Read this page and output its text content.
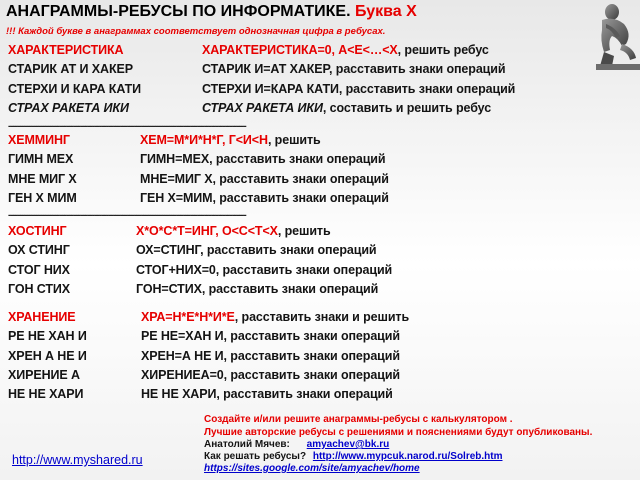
АНАГРАММЫ-РЕБУСЫ ПО ИНФОРМАТИКЕ. Буква Х
!!! Каждой букве в анаграммах соответствует однозначная цифра в ребусах.
ХАРАКТЕРИСТИКА	ХАРАКТЕРИСТИКА=0, А<Е<…<Х, решить ребус
СТАРИК АТ И ХАКЕР	СТАРИК И=АТ ХАКЕР, расставить знаки операций
СТЕРХИ И КАРА КАТИ	СТЕРХИ И=КАРА КАТИ, расставить знаки операций
СТРАХ РАКЕТА ИКИ	СТРАХ РАКЕТА ИКИ, составить и решить ребус
ХЕММИНГ	ХЕМ=М*И*Н*Г, Г<И<Н, решить
ГИМН МЕХ	ГИМН=МЕХ, расставить знаки операций
МНЕ МИГ Х	МНЕ=МИГ Х, расставить знаки операций
ГЕН Х МИМ	ГЕН Х=МИМ, расставить знаки операций
ХОСТИНГ	Х*О*С*Т=ИНГ, О<С<Т<Х, решить
ОХ СТИНГ	ОХ=СТИНГ, расставить знаки операций
СТОГ НИХ	СТОГ+НИХ=0, расставить знаки операций
ГОН СТИХ	ГОН=СТИХ, расставить знаки операций
ХРАНЕНИЕ	ХРА=Н*Е*Н*И*Е, расставить знаки и решить
РЕ НЕ ХАН И	РЕ НЕ=ХАН И, расставить знаки операций
ХРЕН А НЕ И	ХРЕН=А НЕ И, расставить знаки операций
ХИРЕНИЕ А	ХИРЕНИЕА=0, расставить знаки операций
НЕ НЕ ХАРИ	НЕ НЕ ХАРИ, расставить знаки операций
------------------------------------------------------------------------------------------------------
------------------------------------------------------------------------------------------------------
Создайте и/или решите анаграммы-ребусы с калькулятором .
Лучшие авторские ребусы с решениями и пояснениями будут опубликованы.
Анатолий Мячев: amyachev@bk.ru
Как решать ребусы? http://www.mypcuk.narod.ru/Solreb.htm
https://sites.google.com/site/amyachev/home
http://www.myshared.ru
